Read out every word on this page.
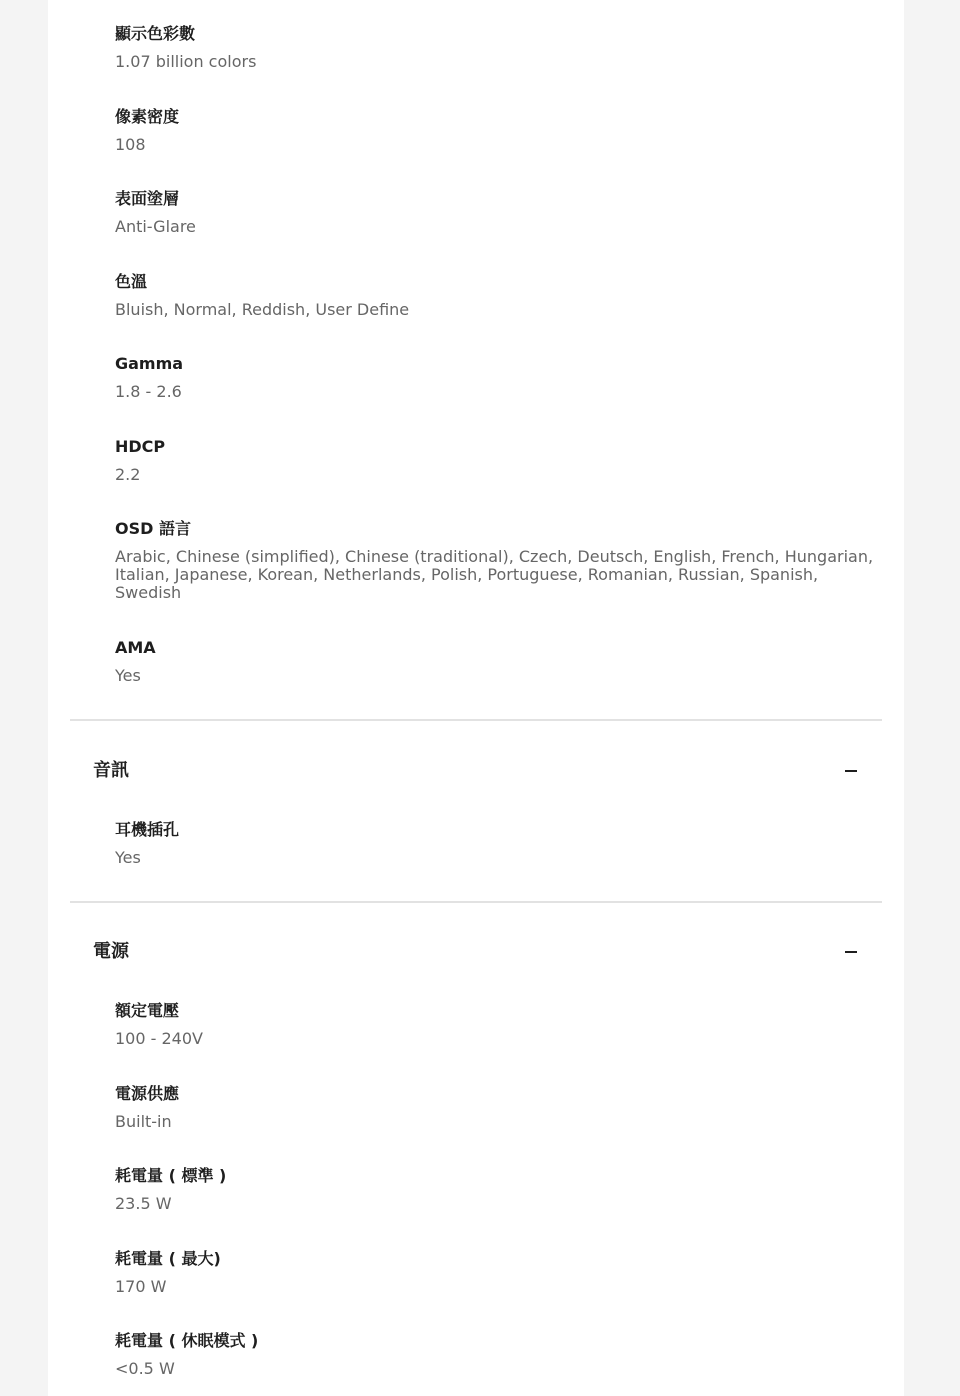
顯示色彩數
1.07 billion colors
像素密度
108
表面塗層
Anti-Glare
色溫
Bluish, Normal, Reddish, User Define
Gamma
1.8 - 2.6
HDCP
2.2
OSD 語言
Arabic, Chinese (simplified), Chinese (traditional), Czech, Deutsch, English, French, Hungarian, Italian, Japanese, Korean, Netherlands, Polish, Portuguese, Romanian, Russian, Spanish, Swedish
AMA
Yes
音訊
耳機插孔
Yes
電源
額定電壓
100 - 240V
電源供應
Built-in
耗電量 ( 標準 )
23.5 W
耗電量 ( 最大)
170 W
耗電量 ( 休眠模式 )
<0.5 W
